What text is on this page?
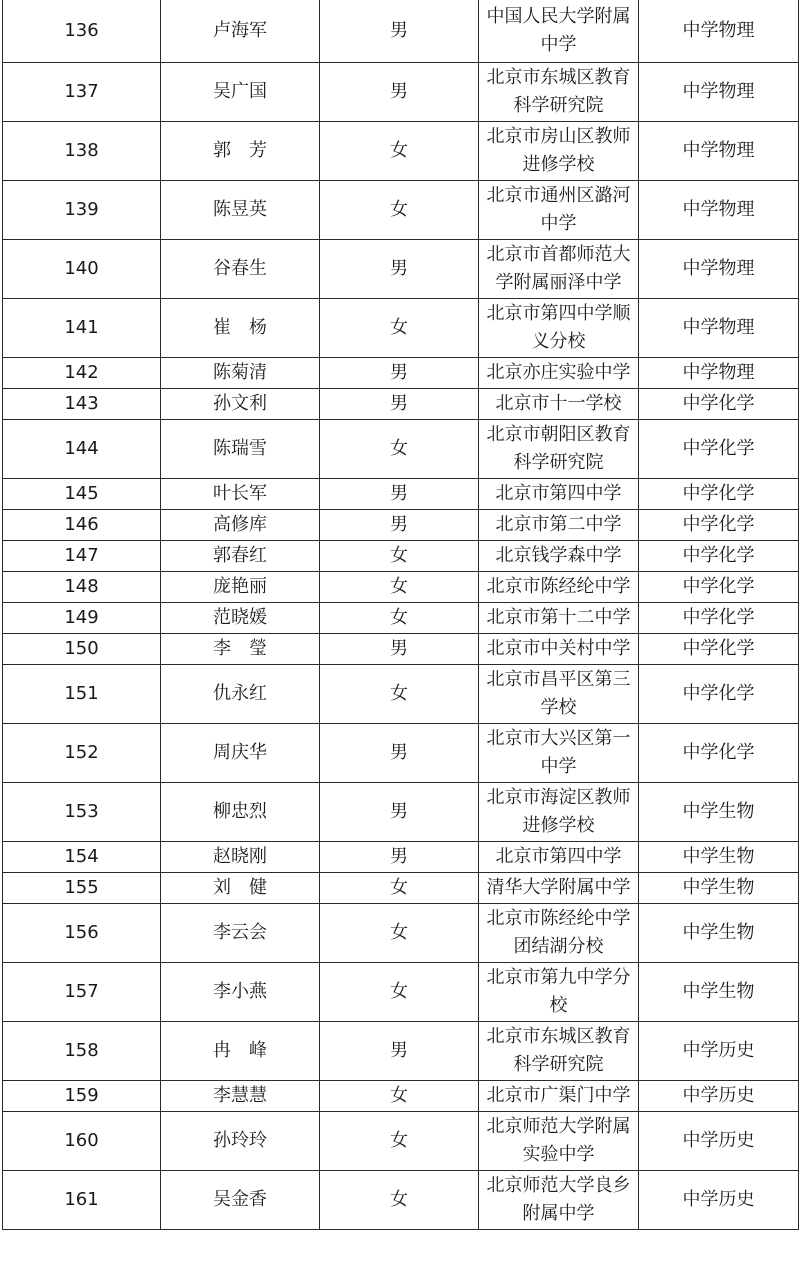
136	卢海军	男	中国人民大学附属中学	中学物理
137	吴广国	男	北京市东城区教育科学研究院	中学物理
138	郭　芳	女	北京市房山区教师进修学校	中学物理
139	陈昱英	女	北京市通州区潞河中学	中学物理
140	谷春生	男	北京市首都师范大学附属丽泽中学	中学物理
141	崔　杨	女	北京市第四中学顺义分校	中学物理
142	陈菊清	男	北京亦庄实验中学	中学物理
143	孙文利	男	北京市十一学校	中学化学
144	陈瑞雪	女	北京市朝阳区教育科学研究院	中学化学
145	叶长军	男	北京市第四中学	中学化学
146	高修库	男	北京市第二中学	中学化学
147	郭春红	女	北京钱学森中学	中学化学
148	庞艳丽	女	北京市陈经纶中学	中学化学
149	范晓媛	女	北京市第十二中学	中学化学
150	李　瑩	男	北京市中关村中学	中学化学
151	仇永红	女	北京市昌平区第三学校	中学化学
152	周庆华	男	北京市大兴区第一中学	中学化学
153	柳忠烈	男	北京市海淀区教师进修学校	中学生物
154	赵晓刚	男	北京市第四中学	中学生物
155	刘　健	女	清华大学附属中学	中学生物
156	李云会	女	北京市陈经纶中学团结湖分校	中学生物
157	李小燕	女	北京市第九中学分校	中学生物
158	冉　峰	男	北京市东城区教育科学研究院	中学历史
159	李慧慧	女	北京市广渠门中学	中学历史
160	孙玲玲	女	北京师范大学附属实验中学	中学历史
161	吴金香	女	北京师范大学良乡附属中学	中学历史
